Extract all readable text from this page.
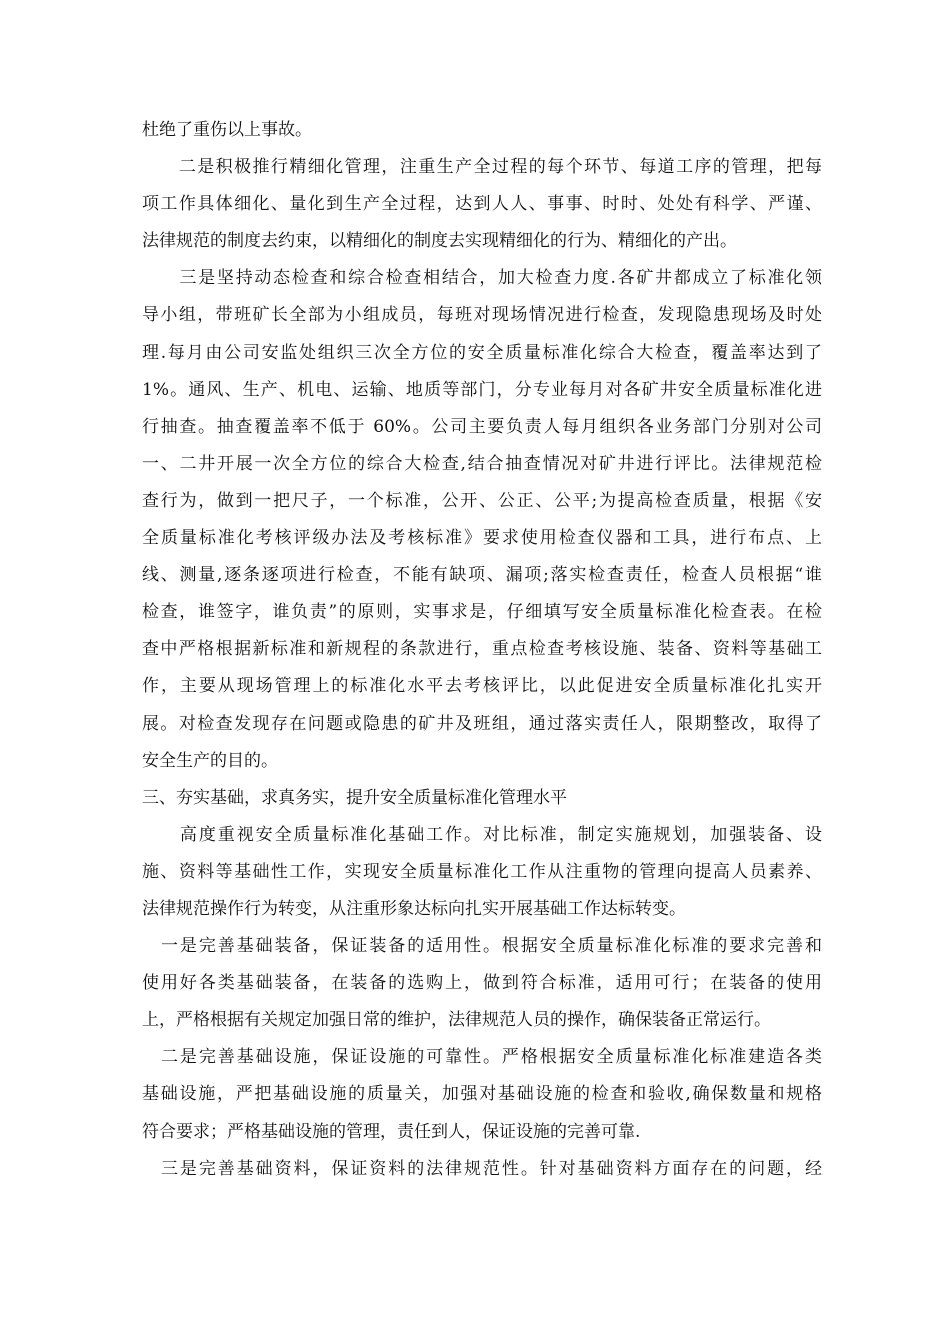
杜绝了重伤以上事故。
　　二是积极推行精细化管理，注重生产全过程的每个环节、每道工序的管理，把每
项工作具体细化、量化到生产全过程，达到人人、事事、时时、处处有科学、严谨、
法律规范的制度去约束，以精细化的制度去实现精细化的行为、精细化的产出。
　　三是坚持动态检查和综合检查相结合，加大检查力度.各矿井都成立了标准化领
导小组，带班矿长全部为小组成员，每班对现场情况进行检查，发现隐患现场及时处
理.每月由公司安监处组织三次全方位的安全质量标准化综合大检查，覆盖率达到了
1%。通风、生产、机电、运输、地质等部门，分专业每月对各矿井安全质量标准化进
行抽查。抽查覆盖率不低于 60%。公司主要负责人每月组织各业务部门分别对公司
一、二井开展一次全方位的综合大检查,结合抽查情况对矿井进行评比。法律规范检
查行为，做到一把尺子，一个标准，公开、公正、公平;为提高检查质量，根据《安
全质量标准化考核评级办法及考核标准》要求使用检查仪器和工具，进行布点、上
线、测量,逐条逐项进行检查，不能有缺项、漏项;落实检查责任，检查人员根据“谁
检查，谁签字，谁负责”的原则，实事求是，仔细填写安全质量标准化检查表。在检
查中严格根据新标准和新规程的条款进行，重点检查考核设施、装备、资料等基础工
作，主要从现场管理上的标准化水平去考核评比，以此促进安全质量标准化扎实开
展。对检查发现存在问题或隐患的矿井及班组，通过落实责任人，限期整改，取得了
安全生产的目的。
三、夯实基础，求真务实，提升安全质量标准化管理水平
　　高度重视安全质量标准化基础工作。对比标准，制定实施规划，加强装备、设
施、资料等基础性工作，实现安全质量标准化工作从注重物的管理向提高人员素养、
法律规范操作行为转变，从注重形象达标向扎实开展基础工作达标转变。
　一是完善基础装备，保证装备的适用性。根据安全质量标准化标准的要求完善和
使用好各类基础装备，在装备的选购上，做到符合标准，适用可行；在装备的使用
上，严格根据有关规定加强日常的维护，法律规范人员的操作，确保装备正常运行。
　二是完善基础设施，保证设施的可靠性。严格根据安全质量标准化标准建造各类
基础设施，严把基础设施的质量关，加强对基础设施的检查和验收,确保数量和规格
符合要求；严格基础设施的管理，责任到人，保证设施的完善可靠.
　三是完善基础资料，保证资料的法律规范性。针对基础资料方面存在的问题，经
